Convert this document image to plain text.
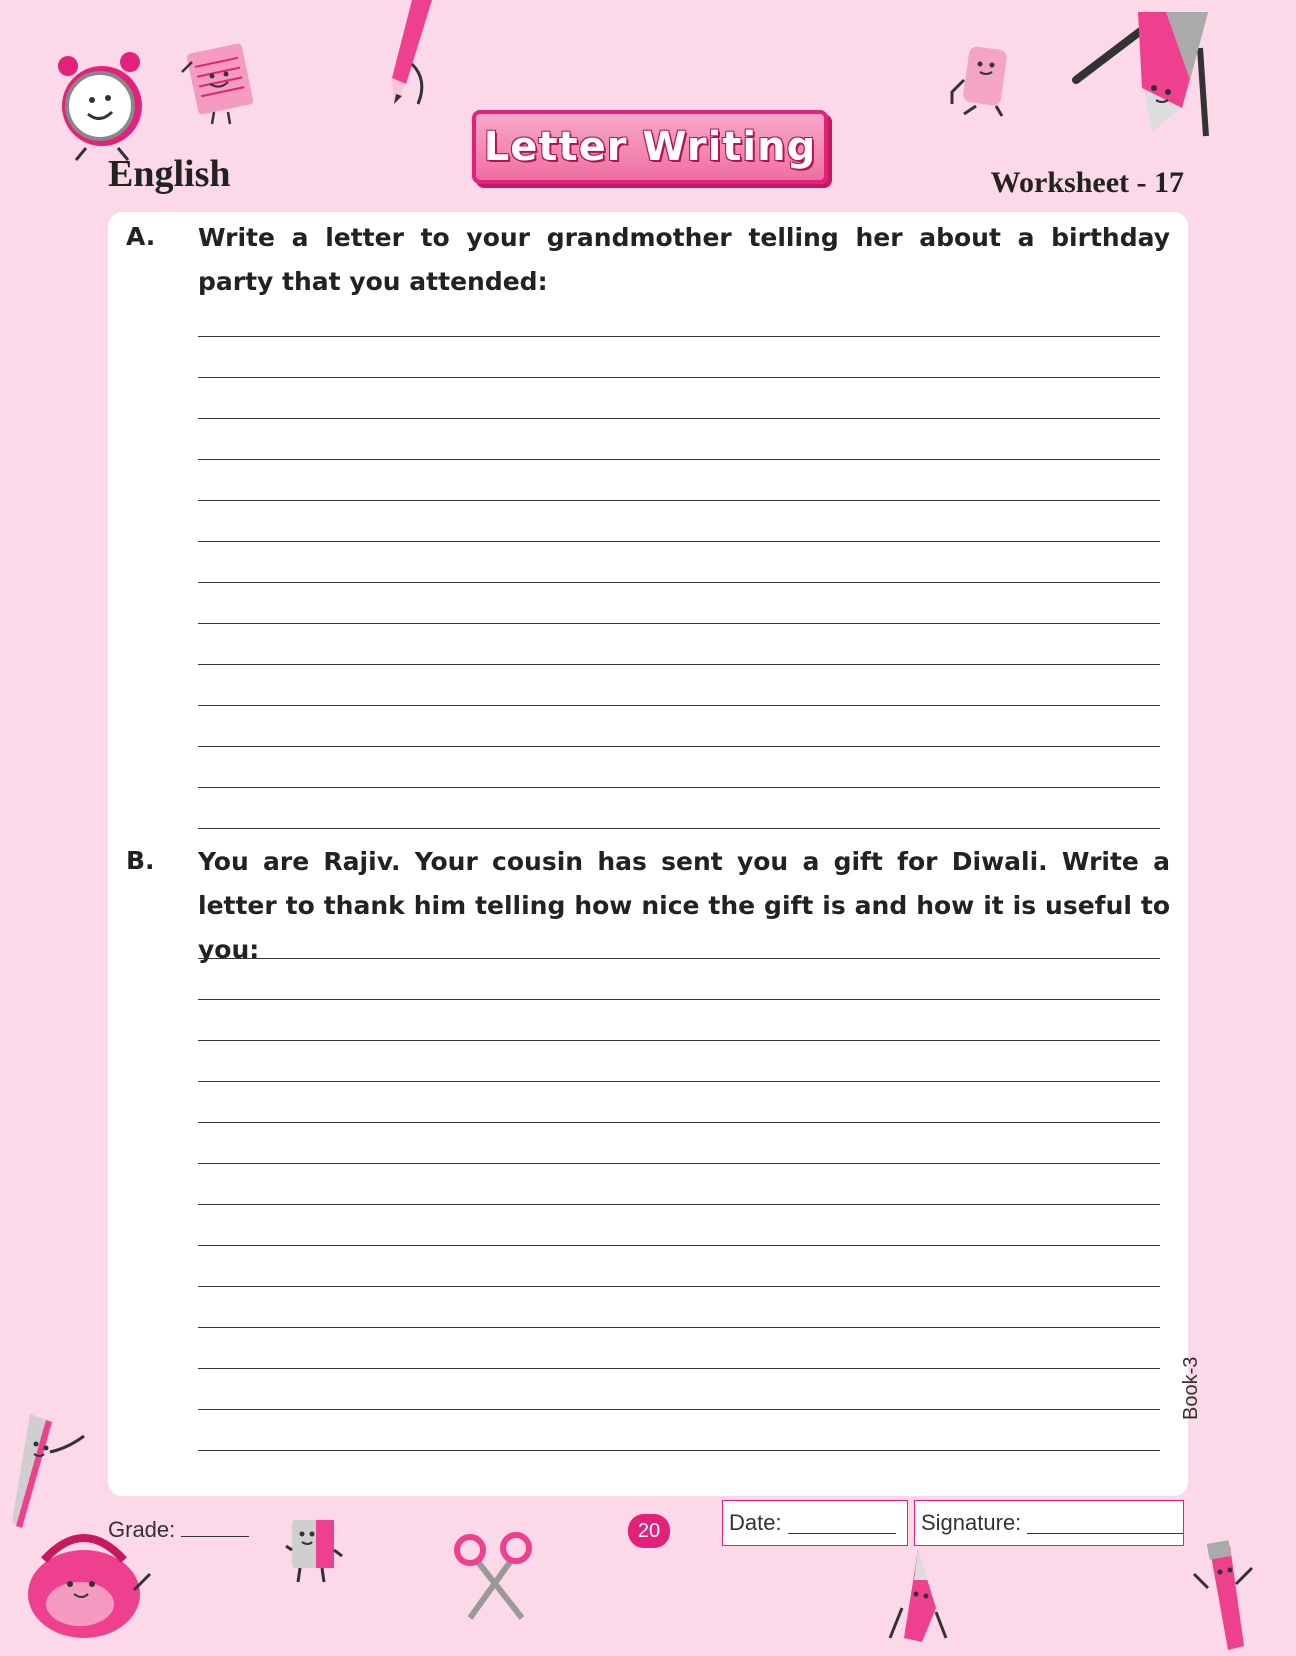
English
Letter Writing
Worksheet - 17
A. Write a letter to your grandmother telling her about a birthday party that you attended:
B. You are Rajiv. Your cousin has sent you a gift for Diwali. Write a letter to thank him telling how nice the gift is and how it is useful to you:
Book-3
Grade:	20	Date:	Signature:
